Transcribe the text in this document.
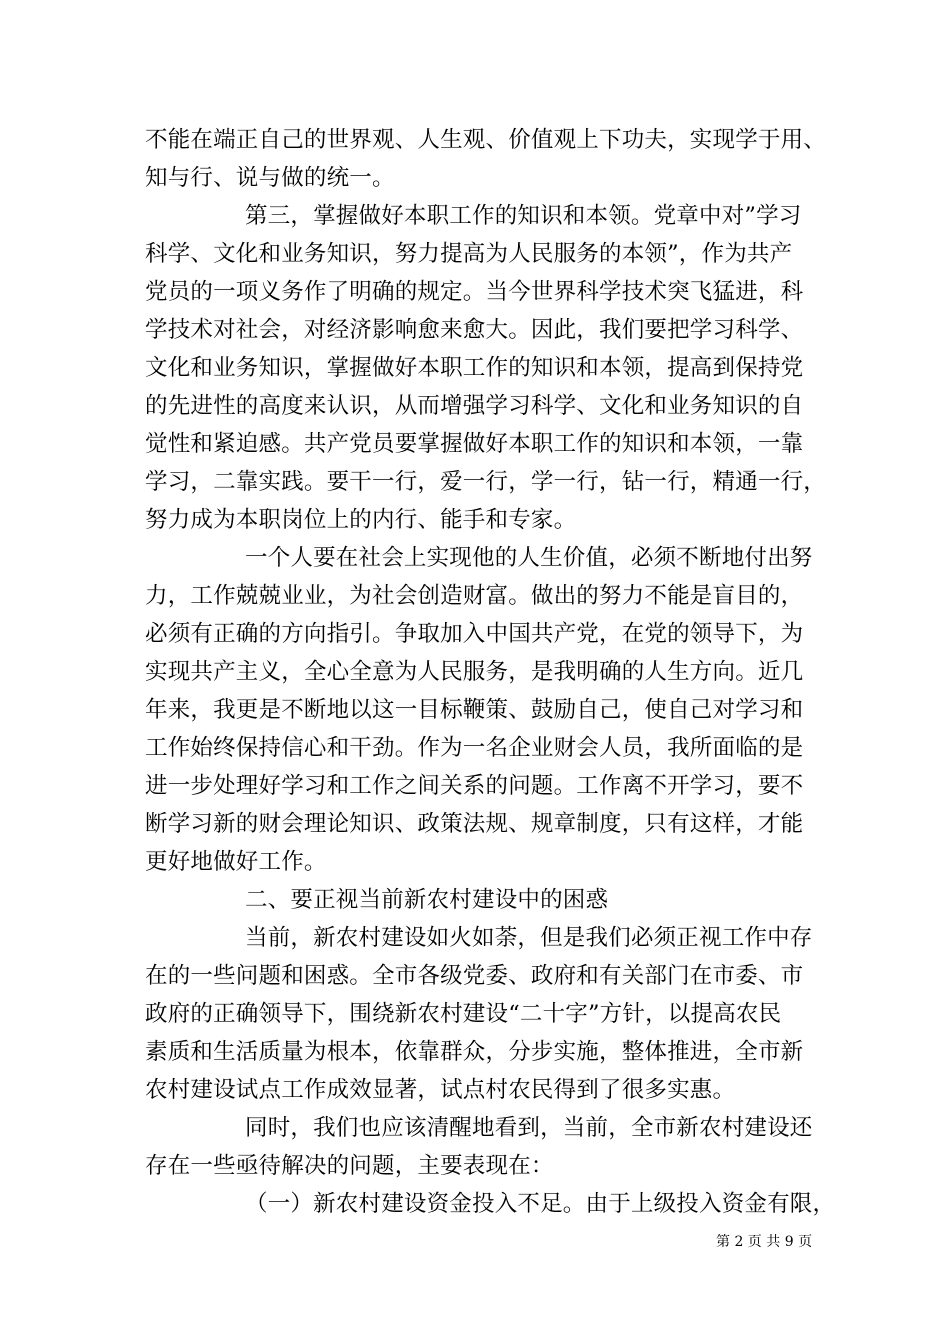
不能在端正自己的世界观、人生观、价值观上下功夫，实现学于用、
知与行、说与做的统一。
第三，掌握做好本职工作的知识和本领。党章中对”学习
科学、文化和业务知识，努力提高为人民服务的本领”，作为共产
党员的一项义务作了明确的规定。当今世界科学技术突飞猛进，科
学技术对社会，对经济影响愈来愈大。因此，我们要把学习科学、
文化和业务知识，掌握做好本职工作的知识和本领，提高到保持党
的先进性的高度来认识，从而增强学习科学、文化和业务知识的自
觉性和紧迫感。共产党员要掌握做好本职工作的知识和本领，一靠
学习，二靠实践。要干一行，爱一行，学一行，钻一行，精通一行，
努力成为本职岗位上的内行、能手和专家。
一个人要在社会上实现他的人生价值，必须不断地付出努
力，工作兢兢业业，为社会创造财富。做出的努力不能是盲目的，
必须有正确的方向指引。争取加入中国共产党，在党的领导下，为
实现共产主义，全心全意为人民服务，是我明确的人生方向。近几
年来，我更是不断地以这一目标鞭策、鼓励自己，使自己对学习和
工作始终保持信心和干劲。作为一名企业财会人员，我所面临的是
进一步处理好学习和工作之间关系的问题。工作离不开学习，要不
断学习新的财会理论知识、政策法规、规章制度，只有这样，才能
更好地做好工作。
二、要正视当前新农村建设中的困惑
当前，新农村建设如火如荼，但是我们必须正视工作中存
在的一些问题和困惑。全市各级党委、政府和有关部门在市委、市
政府的正确领导下，围绕新农村建设“二十字”方针，以提高农民
素质和生活质量为根本，依靠群众，分步实施，整体推进，全市新
农村建设试点工作成效显著，试点村农民得到了很多实惠。
同时，我们也应该清醒地看到，当前，全市新农村建设还
存在一些亟待解决的问题，主要表现在：
（一）新农村建设资金投入不足。由于上级投入资金有限，
第 2 页 共 9 页
